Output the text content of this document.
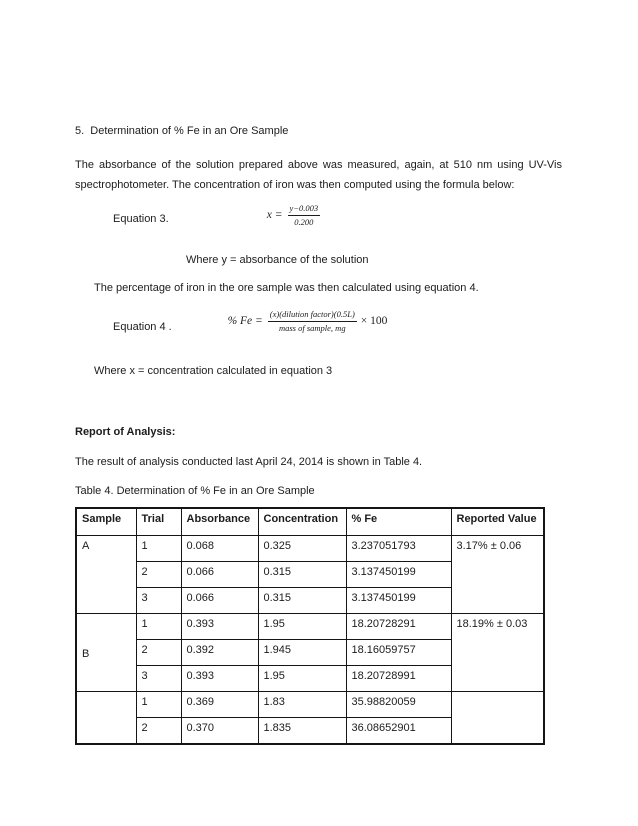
5.  Determination of % Fe in an Ore Sample

The absorbance of the solution prepared above was measured, again, at 510 nm using UV-Vis
spectrophotometer. The concentration of iron was then computed using the formula below:

Equation 3.	$x = \frac{y-0.003}{0.200}$

Where y = absorbance of the solution

The percentage of iron in the ore sample was then calculated using equation 4.

Equation 4 .	% $Fe = \frac{\text{(x)(dilution factor)(0.5L)}}{\text{mass of sample, mg}} \times 100$

Where x = concentration calculated in equation 3

Report of Analysis:

The result of analysis conducted last April 24, 2014 is shown in Table 4.

Table 4. Determination of % Fe in an Ore Sample

Sample	Trial	Absorbance	Concentration	% Fe	Reported Value
A	1	0.068	0.325	3.237051793	3.17% ± 0.06
	2	0.066	0.315	3.137450199	
	3	0.066	0.315	3.137450199	
B	1	0.393	1.95	18.20728291	18.19% ± 0.03
	2	0.392	1.945	18.16059757	
	3	0.393	1.95	18.20728991	
	1	0.369	1.83	35.98820059	
	2	0.370	1.835	36.08652901	
